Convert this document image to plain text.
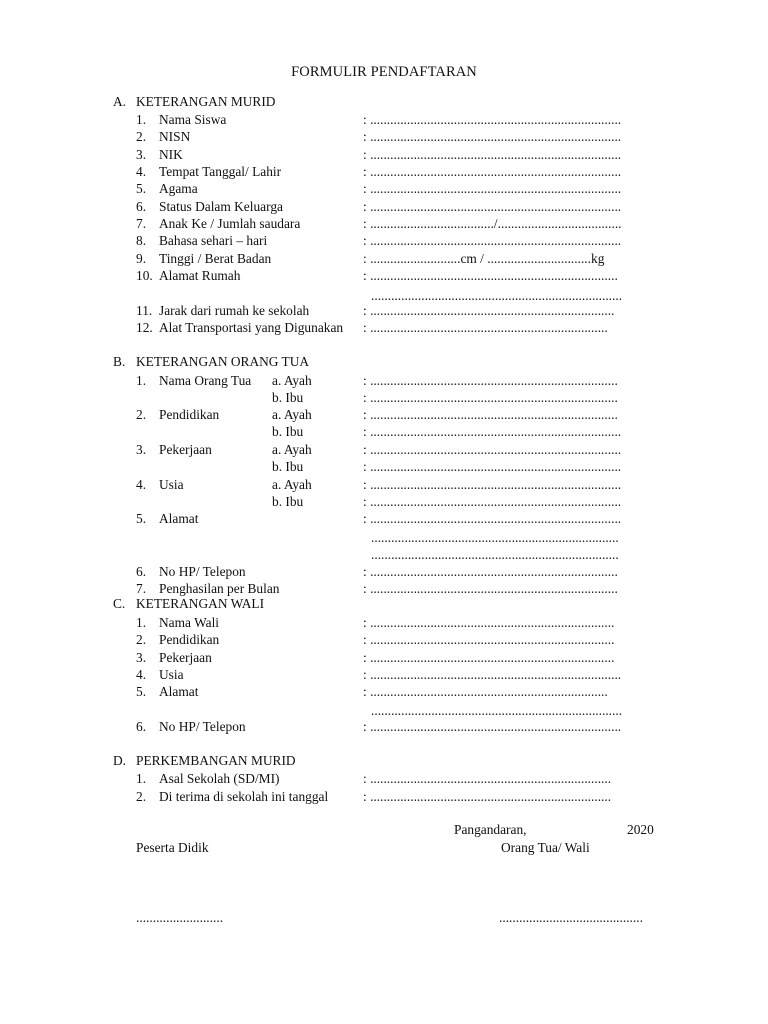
FORMULIR PENDAFTARAN
A. KETERANGAN MURID
1. Nama Siswa	: ...........................................................................
2. NISN	: ...........................................................................
3. NIK	: ...........................................................................
4. Tempat Tanggal/ Lahir	: ...........................................................................
5. Agama	: ...........................................................................
6. Status Dalam Keluarga	: ...........................................................................
7. Anak Ke / Jumlah saudara	: ...................................../.....................................
8. Bahasa sehari – hari	: ...........................................................................
9. Tinggi / Berat Badan	: ...........................cm / ...............................kg
10. Alamat Rumah	: ..........................................................................
...........................................................................
11. Jarak dari rumah ke sekolah	: .........................................................................
12. Alat Transportasi yang Digunakan : .......................................................................
B. KETERANGAN ORANG TUA
1. Nama Orang Tua a. Ayah	: ..........................................................................
b. Ibu	: ..........................................................................
2. Pendidikan	a. Ayah	: ..........................................................................
b. Ibu	: ...........................................................................
3. Pekerjaan	a. Ayah	: ...........................................................................
b. Ibu	: ...........................................................................
4. Usia	a. Ayah	: ...........................................................................
b. Ibu	: ...........................................................................
5. Alamat	: ...........................................................................
..........................................................................
..........................................................................
6. No HP/ Telepon	: ..........................................................................
7. Penghasilan per Bulan	: ..........................................................................
C. KETERANGAN WALI
1. Nama Wali	: .........................................................................
2. Pendidikan	: .........................................................................
3. Pekerjaan	: .........................................................................
4. Usia	: ...........................................................................
5. Alamat	: .......................................................................
...........................................................................
6. No HP/ Telepon	: ...........................................................................
D. PERKEMBANGAN MURID
1. Asal Sekolah (SD/MI)	: ........................................................................
2. Di terima di sekolah ini tanggal	: ........................................................................
Pangandaran,	2020
Peserta Didik	Orang Tua/ Wali
..........................	...........................................
